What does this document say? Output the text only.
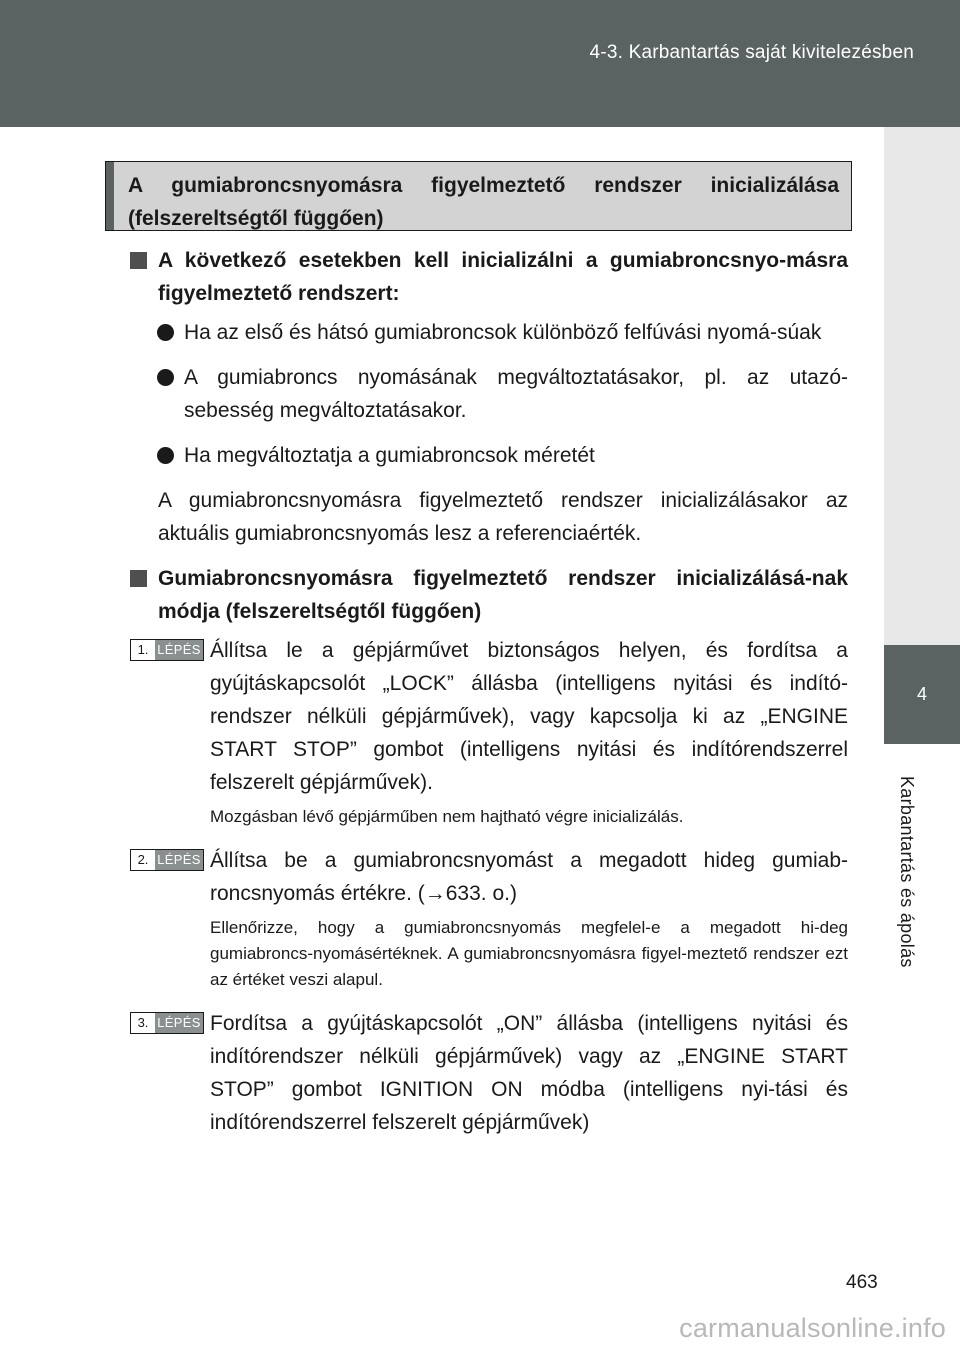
4-3. Karbantartás saját kivitelezésben
4
Karbantartás és ápolás
A gumiabroncsnyomásra figyelmeztető rendszer inicializálása (felszereltségtől függően)
A következő esetekben kell inicializálni a gumiabroncsnyo-másra figyelmeztető rendszert:
Ha az első és hátsó gumiabroncsok különböző felfúvási nyomá-súak
A gumiabroncs nyomásának megváltoztatásakor, pl. az utazó-sebesség megváltoztatásakor.
Ha megváltoztatja a gumiabroncsok méretét
A gumiabroncsnyomásra figyelmeztető rendszer inicializálásakor az aktuális gumiabroncsnyomás lesz a referenciaérték.
Gumiabroncsnyomásra figyelmeztető rendszer inicializálásá-nak módja (felszereltségtől függően)
1. LÉPÉS Állítsa le a gépjárművet biztonságos helyen, és fordítsa a gyújtáskapcsolót „LOCK” állásba (intelligens nyitási és indító-rendszer nélküli gépjárművek), vagy kapcsolja ki az „ENGINE START STOP” gombot (intelligens nyitási és indítórendszerrel felszerelt gépjárművek).
Mozgásban lévő gépjárműben nem hajtható végre inicializálás.
2. LÉPÉS Állítsa be a gumiabroncsnyomást a megadott hideg gumiab-roncsnyomás értékre. (→633. o.)
Ellenőrizze, hogy a gumiabroncsnyomás megfelel-e a megadott hi-deg gumiabroncs-nyomásértéknek. A gumiabroncsnyomásra figyel-meztető rendszer ezt az értéket veszi alapul.
3. LÉPÉS Fordítsa a gyújtáskapcsolót „ON” állásba (intelligens nyitási és indítórendszer nélküli gépjárművek) vagy az „ENGINE START STOP” gombot IGNITION ON módba (intelligens nyi-tási és indítórendszerrel felszerelt gépjárművek)
463
carmanualsonline.info
